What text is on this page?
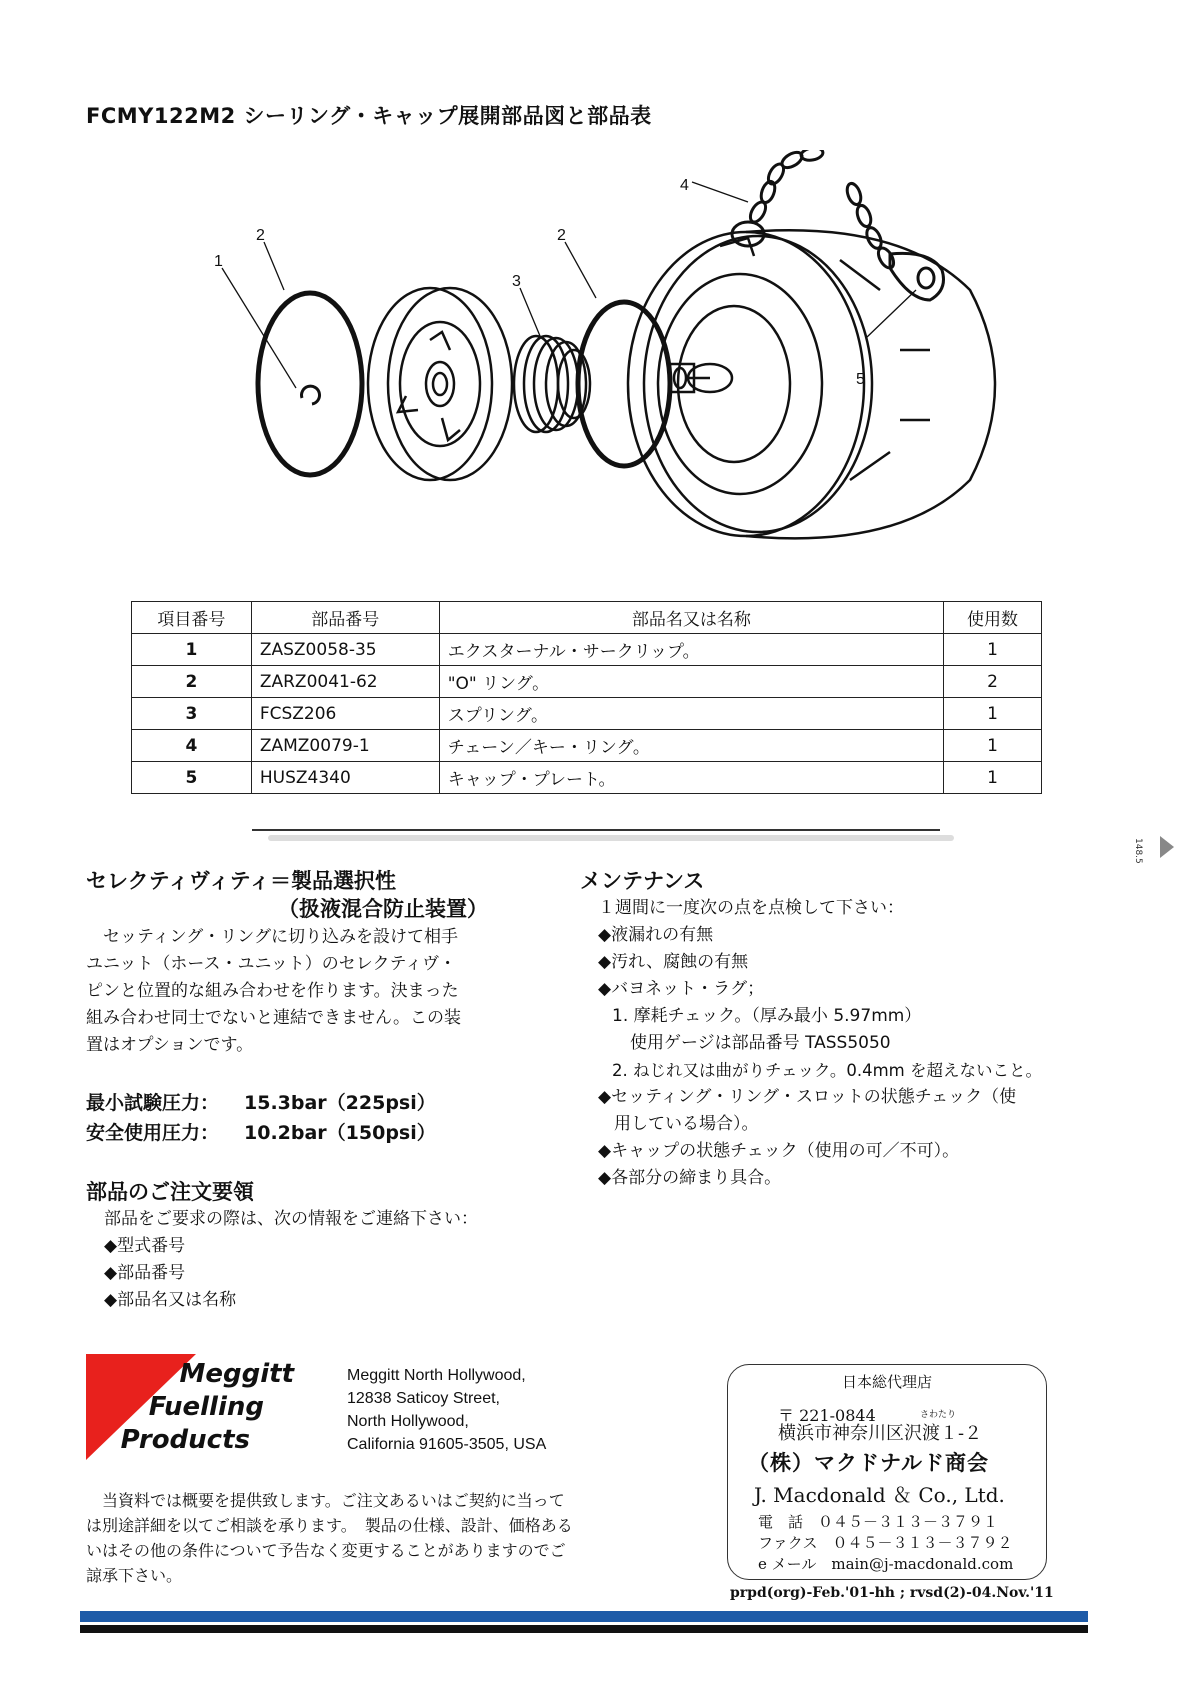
FCMY122M2 シーリング・キャップ展開部品図と部品表
1
2	2
3
4
5
項目番号	部品番号	部品名又は名称	使用数
1	ZASZ0058-35	エクスターナル・サークリップ。	1
2	ZARZ0041-62	"O" リング。	2
3	FCSZ206	スプリング。	1
4	ZAMZ0079-1	チェーン／キー・リング。	1
5	HUSZ4340	キャップ・プレート。	1
148.5
セレクティヴィティ＝製品選択性
（扱液混合防止装置）
　セッティング・リングに切り込みを設けて相手
ユニット（ホース・ユニット）のセレクティヴ・
ピンと位置的な組み合わせを作ります。決まった
組み合わせ同士でないと連結できません。この装
置はオプションです。
最小試験圧力： 15.3bar（225psi）
安全使用圧力： 10.2bar（150psi）
部品のご注文要領
部品をご要求の際は、次の情報をご連絡下さい：
◆型式番号
◆部品番号
◆部品名又は名称
メンテナンス
１週間に一度次の点を点検して下さい：
◆液漏れの有無
◆汚れ、腐蝕の有無
◆バヨネット・ラグ；
1. 摩耗チェック。（厚み最小 5.97mm）
使用ゲージは部品番号 TASS5050
2. ねじれ又は曲がりチェック。0.4mm を超えないこと。
◆セッティング・リング・スロットの状態チェック（使
用している場合）。
◆キャップの状態チェック（使用の可／不可）。
◆各部分の締まり具合。
Meggitt
Fuelling
Products
Meggitt North Hollywood,
12838 Saticoy Street,
North Hollywood,
California 91605-3505, USA
　当資料では概要を提供致します。ご注文あるいはご契約に当って
は別途詳細を以てご相談を承ります。　製品の仕様、設計、価格ある
いはその他の条件について予告なく変更することがありますのでご
諒承下さい。
日本総代理店
〒 221-0844	さわたり
横浜市神奈川区沢渡１-２
（株）マクドナルド商会
J. Macdonald ＆ Co., Ltd.
電　話　０４５－３１３－３７９１
ファクス　０４５－３１３－３７９２
e メール　main@j-macdonald.com
prpd(org)-Feb.'01-hh ; rvsd(2)-04.Nov.'11
